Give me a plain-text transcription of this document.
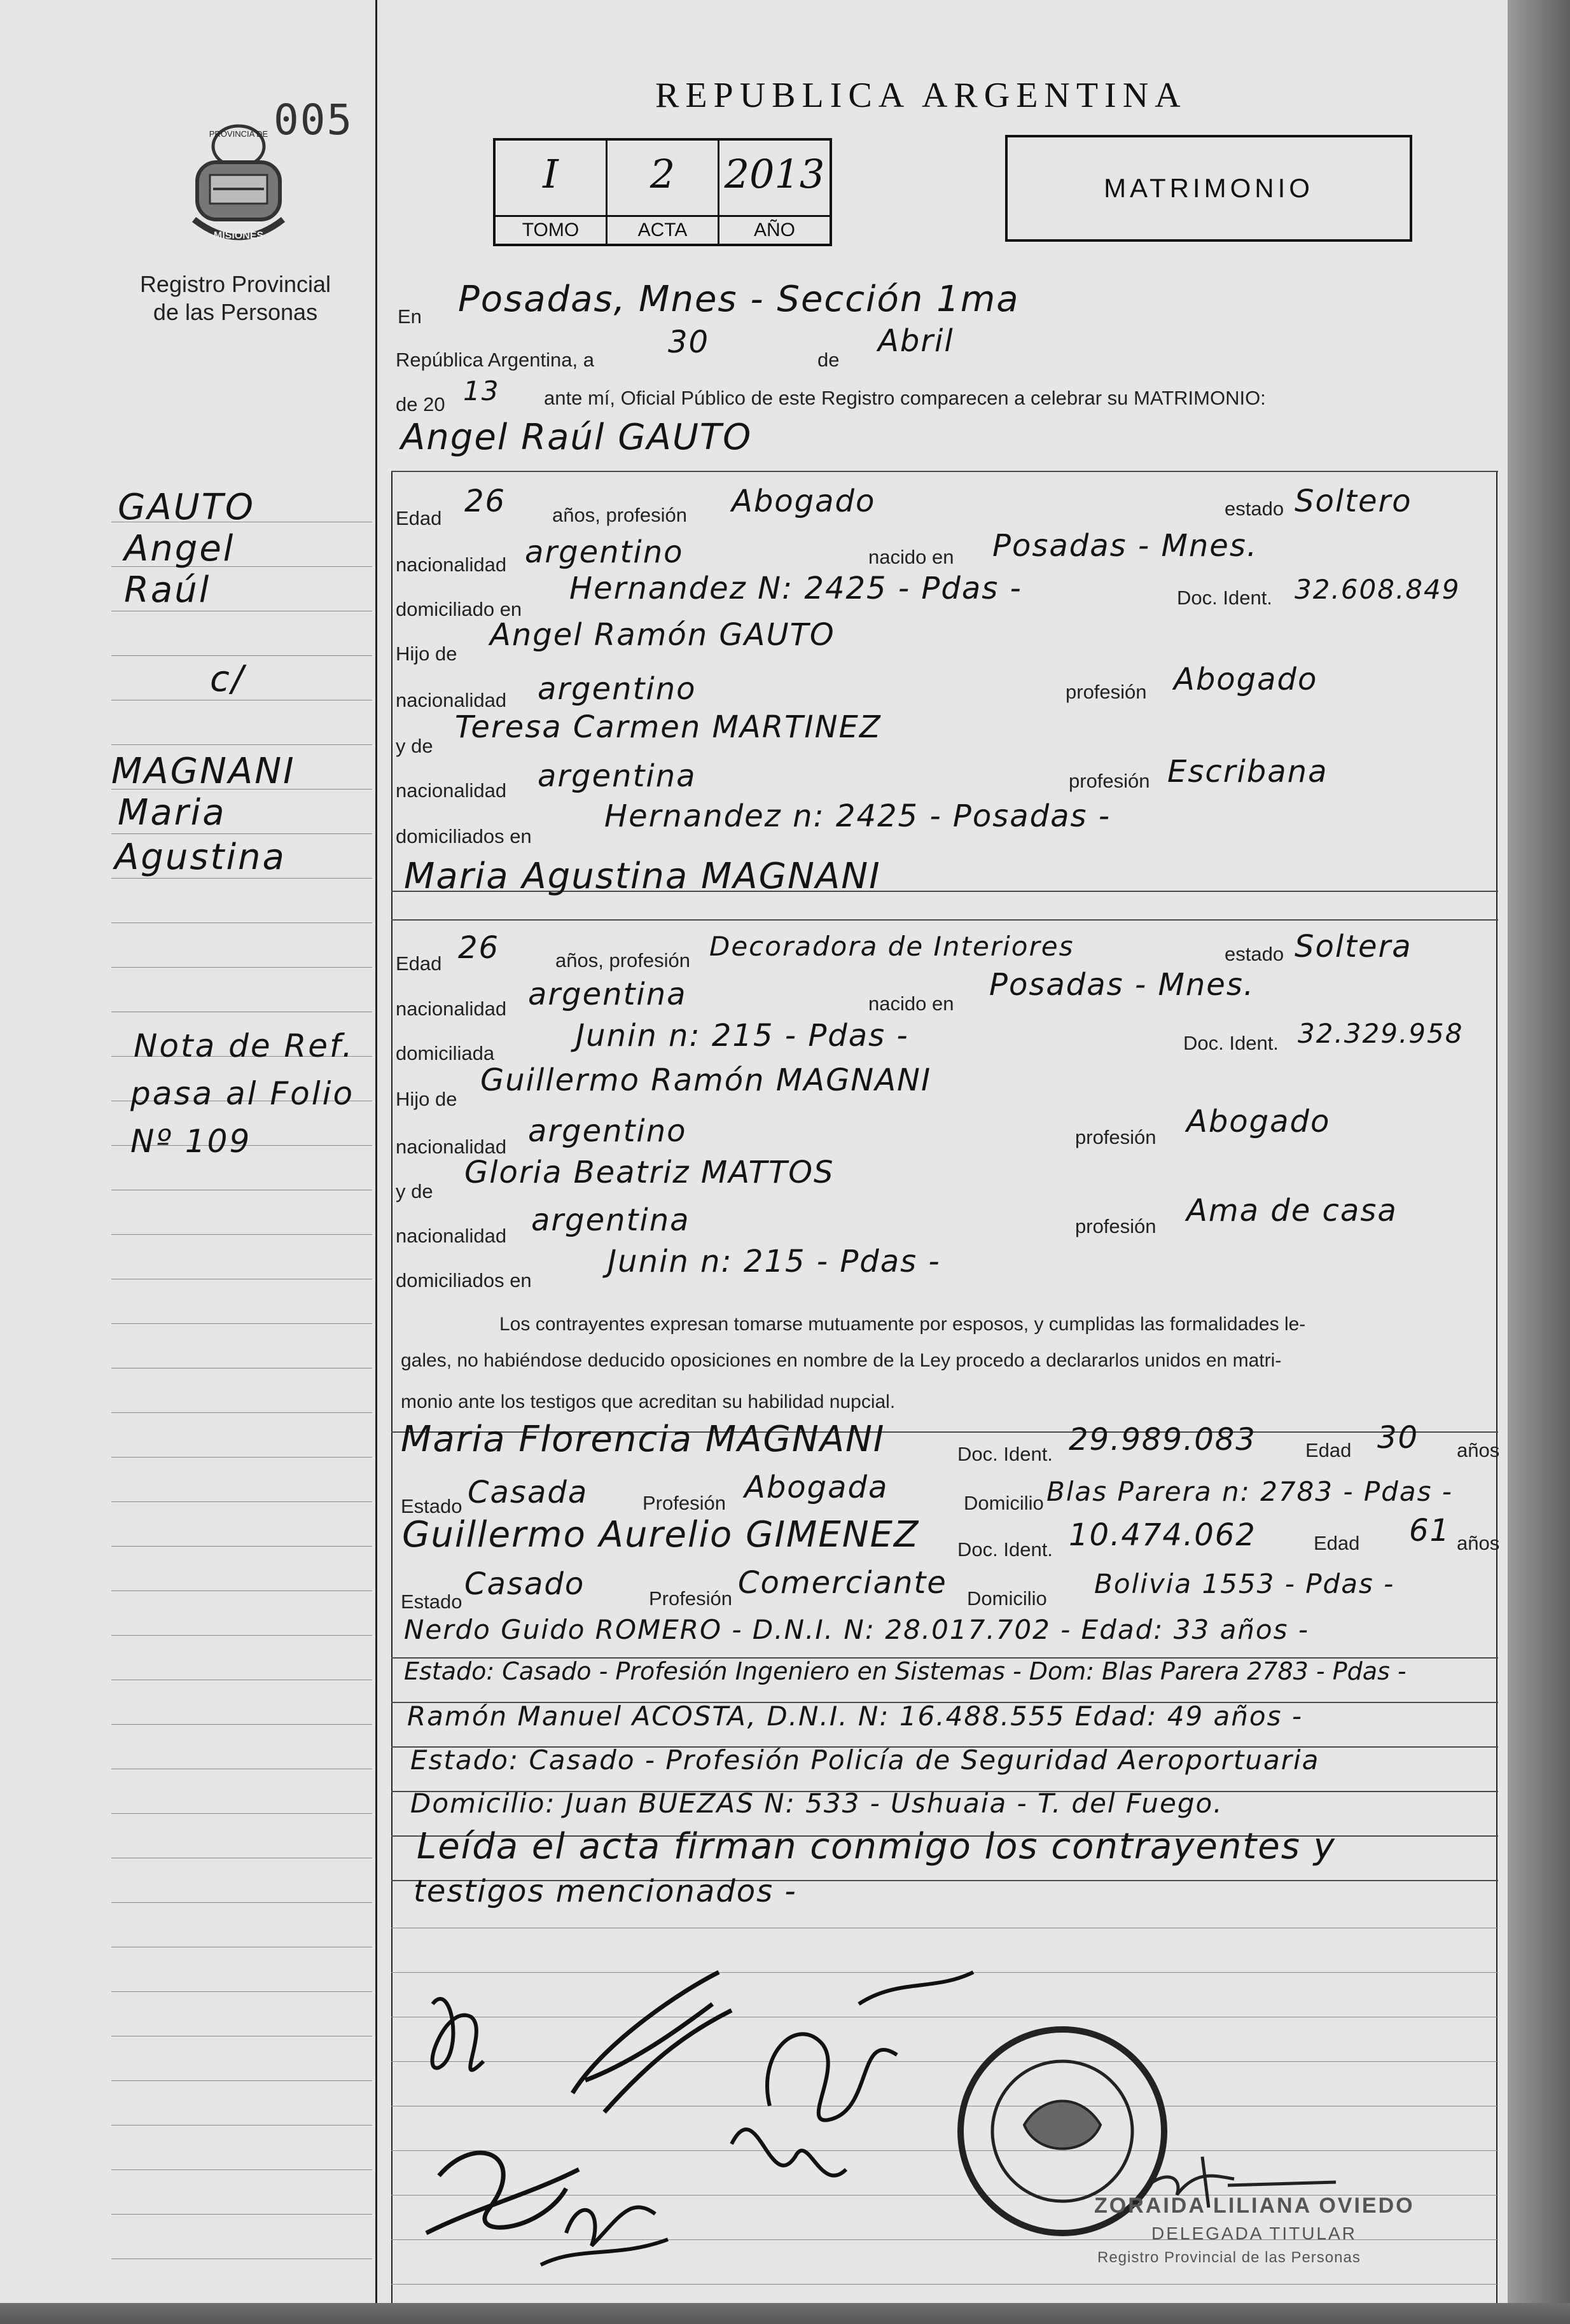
005
PROVINCIA DE
MISIONES
Registro Provincial
de las Personas
REPUBLICA ARGENTINA
I
TOMO
2
ACTA
2013
AÑO
MATRIMONIO
En Posadas, Mnes - Sección 1ma
República Argentina, a 30	de
Abril
de 20 13 ante mí, Oficial Público de este Registro comparecen a celebrar su MATRIMONIO:
Angel Raúl GAUTO
Edad 26 años, profesión Abogado	estado Soltero
nacionalidad argentino	nacido en Posadas - Mnes.
domiciliado en
Hernandez N: 2425 - Pdas -	Doc. Ident. 32.608.849
Hijo de
Angel Ramón GAUTO
nacionalidad argentino	profesión Abogado
y de
Teresa Carmen MARTINEZ
nacionalidad argentina	profesión Escribana
domiciliados en
Hernandez n: 2425 - Posadas -
Maria Agustina MAGNANI
Edad 26	años, profesión Decoradora de Interiores	estado Soltera
nacionalidad argentina	nacido en
Posadas - Mnes.
domiciliada	Junin n: 215 - Pdas -	Doc. Ident. 32.329.958
Hijo de
Guillermo Ramón MAGNANI
nacionalidad argentino	profesión Abogado
y de
Gloria Beatriz MATTOS
nacionalidad argentina	profesión Ama de casa
domiciliados en
Junin n: 215 - Pdas -
Los contrayentes expresan tomarse mutuamente por esposos, y cumplidas las formalidades le-
gales, no habiéndose deducido oposiciones en nombre de la Ley procedo a declararlos unidos en matri-
monio ante los testigos que acreditan su habilidad nupcial.
Maria Florencia MAGNANI	Doc. Ident. 29.989.083 Edad 30 años
Estado Casada	Profesión Abogada	Domicilio Blas Parera n: 2783 - Pdas -
Guillermo Aurelio GIMENEZ Doc. Ident. 10.474.062	Edad 61 años
Estado Casado	Profesión Comerciante Domicilio Bolivia 1553 - Pdas -
Nerdo Guido ROMERO - D.N.I. N: 28.017.702 - Edad: 33 años -
Estado: Casado - Profesión Ingeniero en Sistemas - Dom: Blas Parera 2783 - Pdas -
Ramón Manuel ACOSTA, D.N.I. N: 16.488.555 Edad: 49 años -
Estado: Casado - Profesión Policía de Seguridad Aeroportuaria
Domicilio: Juan BUEZAS N: 533 - Ushuaia - T. del Fuego.
Leída el acta firman conmigo los contrayentes y
testigos mencionados -
ZORAIDA LILIANA OVIEDO
DELEGADA TITULAR
Registro Provincial de las Personas
GAUTO
Angel
Raúl
c/
MAGNANI
Maria
Agustina
Nota de Ref.
pasa al Folio
Nº 109
